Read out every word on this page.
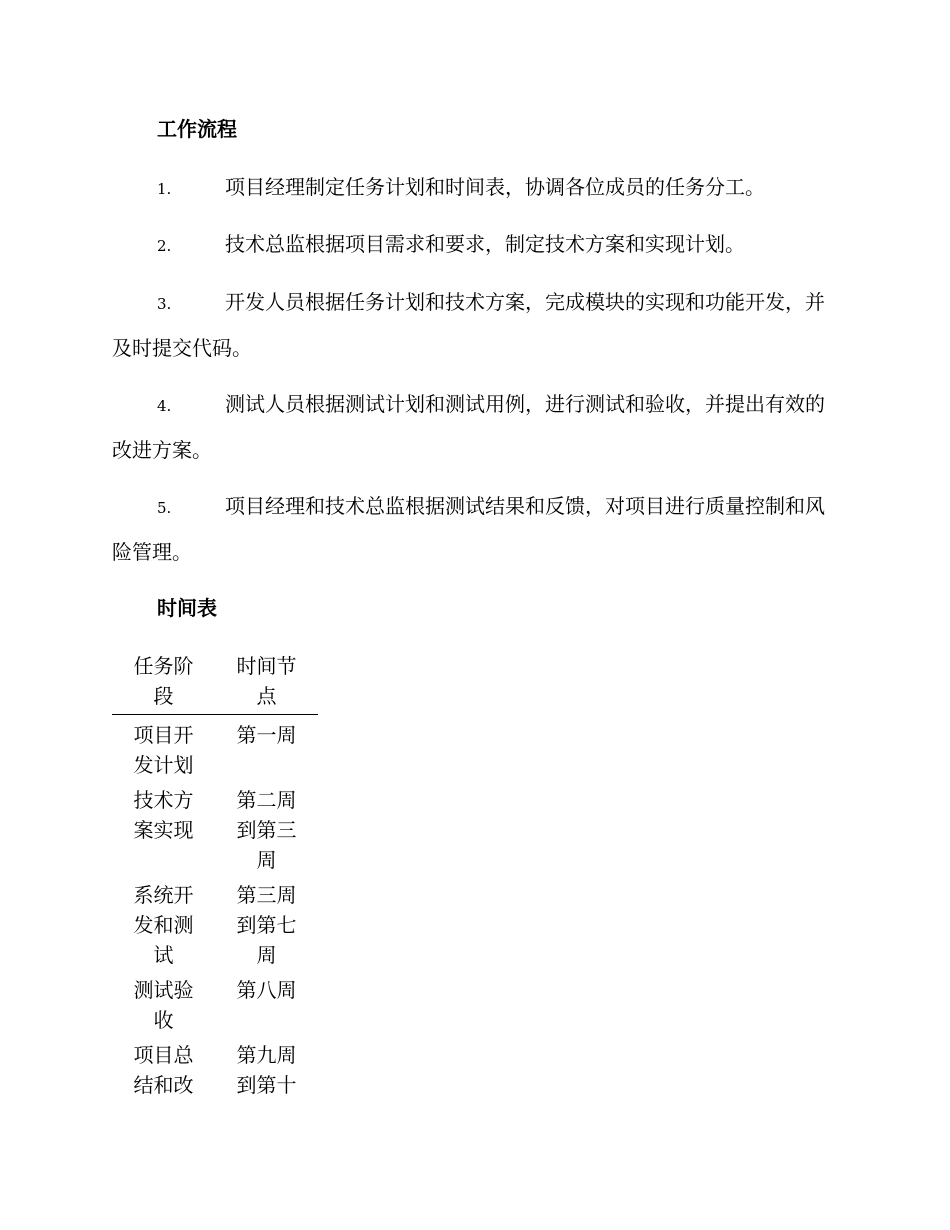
工作流程

1.	项目经理制定任务计划和时间表，协调各位成员的任务分工。

2.	技术总监根据项目需求和要求，制定技术方案和实现计划。

3.	开发人员根据任务计划和技术方案，完成模块的实现和功能开发，并及时提交代码。

4.	测试人员根据测试计划和测试用例，进行测试和验收，并提出有效的改进方案。

5.	项目经理和技术总监根据测试结果和反馈，对项目进行质量控制和风险管理。

时间表
任务阶段	时间节点
项目开发计划	第一周
技术方案实现	第二周到第三周
系统开发和测试	第三周到第七周
测试验收	第八周
项目总结和改	第九周到第十
